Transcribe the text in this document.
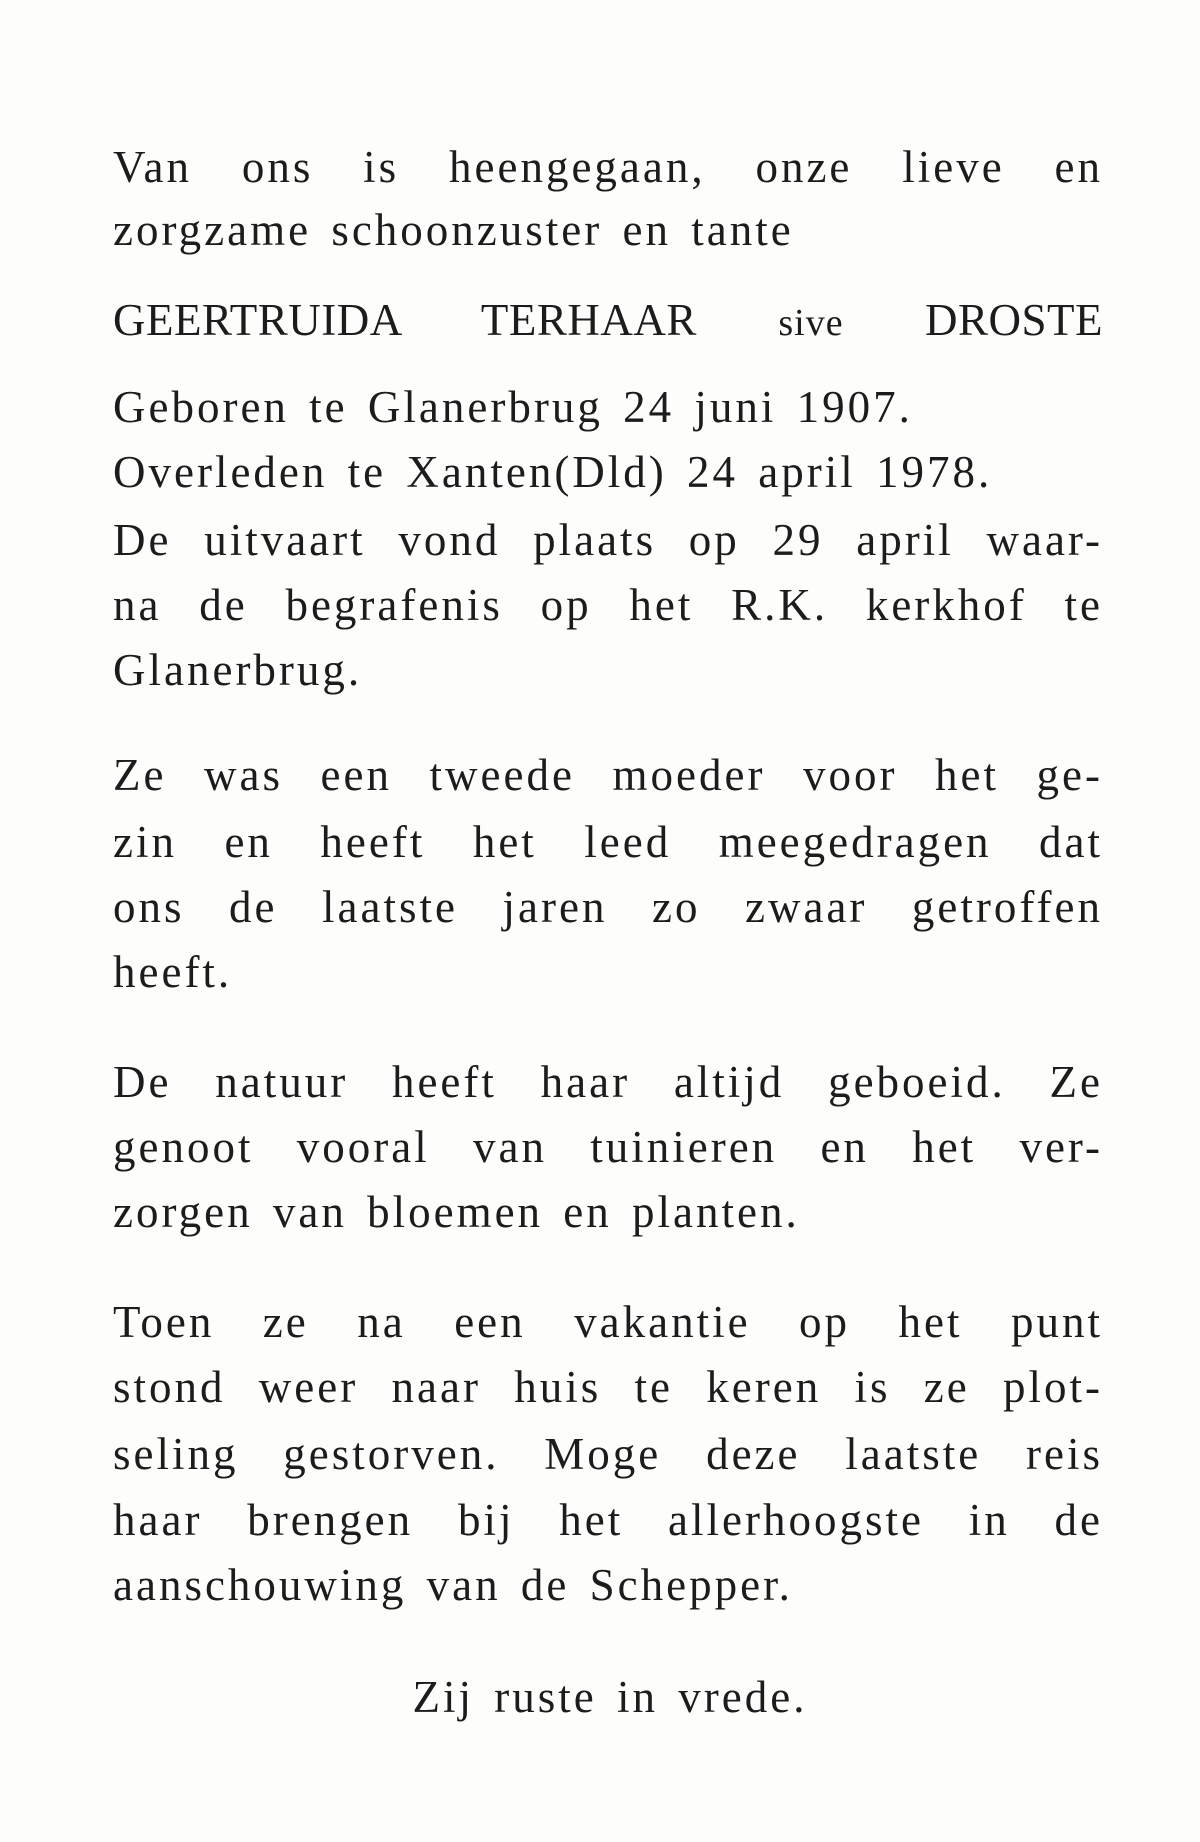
Van ons is heengegaan, onze lieve en
zorgzame schoonzuster en tante
GEERTRUIDA TERHAAR sive DROSTE
Geboren te Glanerbrug 24 juni 1907.
Overleden te Xanten(Dld) 24 april 1978.
De uitvaart vond plaats op 29 april waar-
na de begrafenis op het R.K. kerkhof te
Glanerbrug.
Ze was een tweede moeder voor het ge-
zin en heeft het leed meegedragen dat
ons de laatste jaren zo zwaar getroffen
heeft.
De natuur heeft haar altijd geboeid. Ze
genoot vooral van tuinieren en het ver-
zorgen van bloemen en planten.
Toen ze na een vakantie op het punt
stond weer naar huis te keren is ze plot-
seling gestorven. Moge deze laatste reis
haar brengen bij het allerhoogste in de
aanschouwing van de Schepper.
Zij ruste in vrede.
